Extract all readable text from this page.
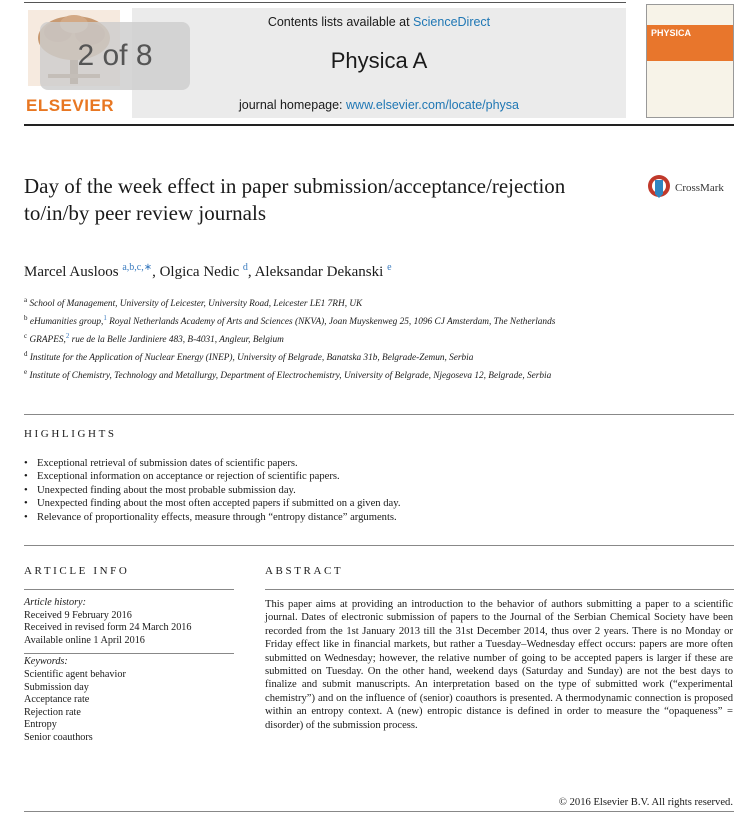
Contents lists available at ScienceDirect
Physica A
journal homepage: www.elsevier.com/locate/physa
ELSEVIER
PHYSICA
2 of 8
Day of the week effect in paper submission/acceptance/rejection to/in/by peer review journals
CrossMark
Marcel Ausloos $^{a,b,c,∗}$, Olgica Nedic $^d$, Aleksandar Dekanski $^e$
$^a$ School of Management, University of Leicester, University Road, Leicester LE1 7RH, UK
$^b$ eHumanities group,$^1$ Royal Netherlands Academy of Arts and Sciences (NKVA), Joan Muyskenweg 25, 1096 CJ Amsterdam, The Netherlands
$^c$ GRAPES,$^2$ rue de la Belle Jardiniere 483, B-4031, Angleur, Belgium
$^d$ Institute for the Application of Nuclear Energy (INEP), University of Belgrade, Banatska 31b, Belgrade-Zemun, Serbia
$^e$ Institute of Chemistry, Technology and Metallurgy, Department of Electrochemistry, University of Belgrade, Njegoseva 12, Belgrade, Serbia
HIGHLIGHTS
• Exceptional retrieval of submission dates of scientific papers.
• Exceptional information on acceptance or rejection of scientific papers.
• Unexpected finding about the most probable submission day.
• Unexpected finding about the most often accepted papers if submitted on a given day.
• Relevance of proportionality effects, measure through “entropy distance” arguments.
ARTICLE INFO	ABSTRACT
Article history:
Received 9 February 2016
Received in revised form 24 March 2016
Available online 1 April 2016
Keywords:
Scientific agent behavior
Submission day
Acceptance rate
Rejection rate
Entropy
Senior coauthors
This paper aims at providing an introduction to the behavior of authors submitting a paper to a scientific journal. Dates of electronic submission of papers to the Journal of the Serbian Chemical Society have been recorded from the 1st January 2013 till the 31st December 2014, thus over 2 years. There is no Monday or Friday effect like in financial markets, but rather a Tuesday–Wednesday effect occurs: papers are more often submitted on Wednesday; however, the relative number of going to be accepted papers is larger if these are submitted on Tuesday. On the other hand, weekend days (Saturday and Sunday) are not the best days to finalize and submit manuscripts. An interpretation based on the type of submitted work (“experimental chemistry”) and on the influence of (senior) coauthors is presented. A thermodynamic connection is proposed within an entropy context. A (new) entropic distance is defined in order to measure the “opaqueness” = disorder) of the submission process.
© 2016 Elsevier B.V. All rights reserved.
